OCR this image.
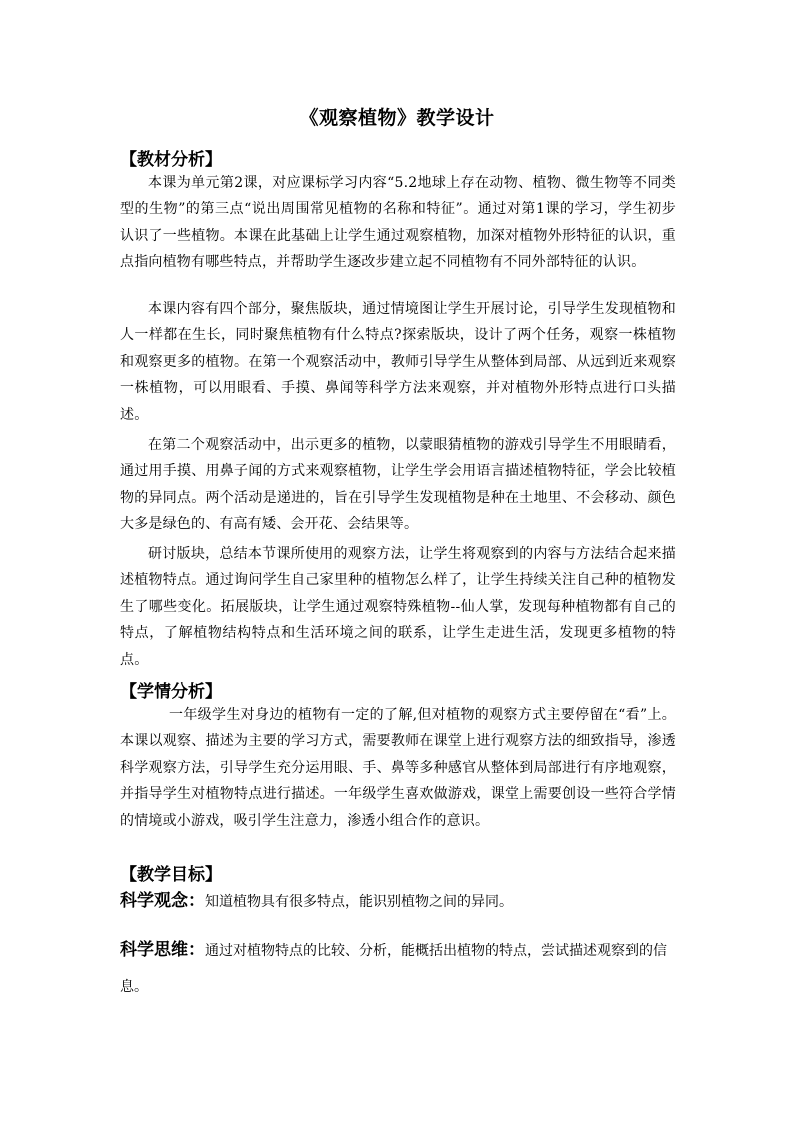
《观察植物》教学设计
【教材分析】
本课为单元第2课，对应课标学习内容“5.2地球上存在动物、植物、微生物等不同类型的生物”的第三点“说出周围常见植物的名称和特征”。通过对第1课的学习，学生初步认识了一些植物。本课在此基础上让学生通过观察植物，加深对植物外形特征的认识，重点指向植物有哪些特点，并帮助学生逐改步建立起不同植物有不同外部特征的认识。
本课内容有四个部分，聚焦版块，通过情境图让学生开展讨论，引导学生发现植物和人一样都在生长，同时聚焦植物有什么特点?探索版块，设计了两个任务，观察一株植物和观察更多的植物。在第一个观察活动中，教师引导学生从整体到局部、从远到近来观察一株植物，可以用眼看、手摸、鼻闻等科学方法来观察，并对植物外形特点进行口头描述。
在第二个观察活动中，出示更多的植物，以蒙眼猜植物的游戏引导学生不用眼睛看，通过用手摸、用鼻子闻的方式来观察植物，让学生学会用语言描述植物特征，学会比较植物的异同点。两个活动是递进的，旨在引导学生发现植物是种在土地里、不会移动、颜色大多是绿色的、有高有矮、会开花、会结果等。
研讨版块，总结本节课所使用的观察方法，让学生将观察到的内容与方法结合起来描述植物特点。通过询问学生自己家里种的植物怎么样了，让学生持续关注自己种的植物发生了哪些变化。拓展版块，让学生通过观察特殊植物--仙人掌，发现每种植物都有自己的特点，了解植物结构特点和生活环境之间的联系，让学生走进生活，发现更多植物的特点。
【学情分析】
一年级学生对身边的植物有一定的了解,但对植物的观察方式主要停留在“看”上。本课以观察、描述为主要的学习方式，需要教师在课堂上进行观察方法的细致指导，渗透科学观察方法，引导学生充分运用眼、手、鼻等多种感官从整体到局部进行有序地观察，并指导学生对植物特点进行描述。一年级学生喜欢做游戏，课堂上需要创设一些符合学情的情境或小游戏，吸引学生注意力，渗透小组合作的意识。
【教学目标】
科学观念：知道植物具有很多特点，能识别植物之间的异同。
科学思维：通过对植物特点的比较、分析，能概括出植物的特点，尝试描述观察到的信息。
